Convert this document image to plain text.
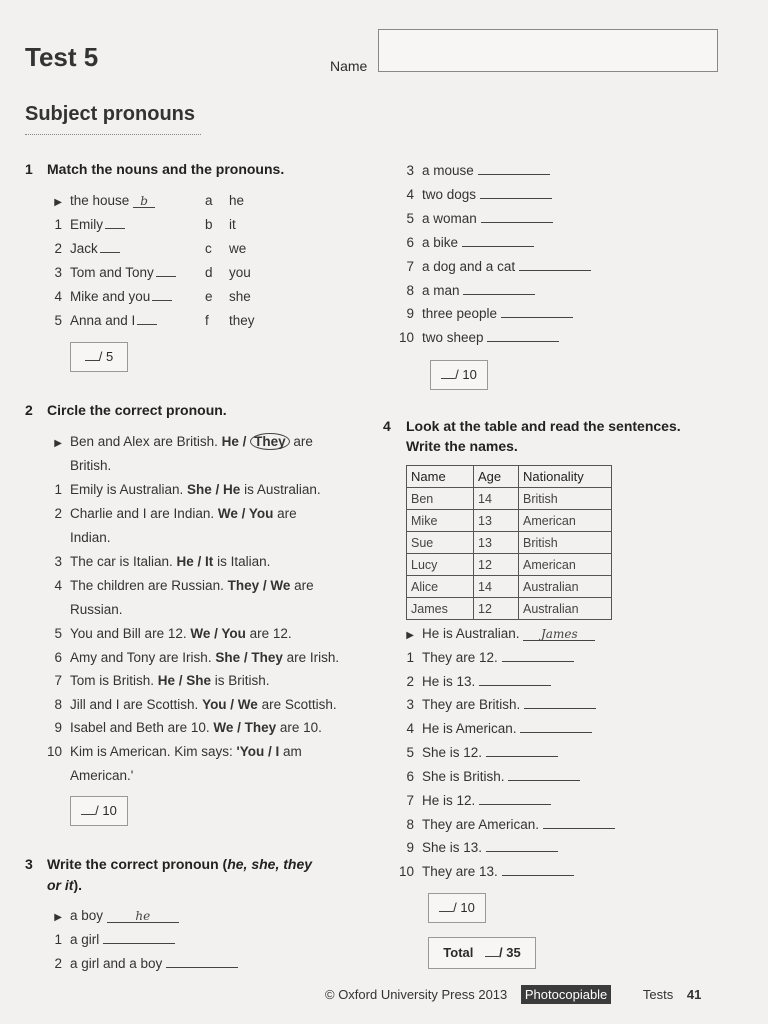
Test 5	Name
Subject pronouns
1 Match the nouns and the pronouns.
▶ the house b	a he
1 Emily	b it
2 Jack	c we
3 Tom and Tony	d you
4 Mike and you	e she
5 Anna and I	f they
/ 5
2 Circle the correct pronoun.
▶ Ben and Alex are British. He / They are
British.
1 Emily is Australian. She / He is Australian.
2 Charlie and I are Indian. We / You are
Indian.
3 The car is Italian. He / It is Italian.
4 The children are Russian. They / We are
Russian.
5 You and Bill are 12. We / You are 12.
6 Amy and Tony are Irish. She / They are Irish.
7 Tom is British. He / She is British.
8 Jill and I are Scottish. You / We are Scottish.
9 Isabel and Beth are 10. We / They are 10.
10 Kim is American. Kim says: 'You / I am
American.'
/ 10
3 Write the correct pronoun (he, she, they
or it).
▶ a boy	he
1 a girl
2 a girl and a boy
3 a mouse
4 two dogs
5 a woman
6 a bike
7 a dog and a cat
8 a man
9 three people
10 two sheep
/ 10
4 Look at the table and read the sentences.
Write the names.
Name	Age	Nationality
Ben	14	British
Mike	13	American
Sue	13	British
Lucy	12	American
Alice	14	Australian
James	12	Australian
▶ He is Australian. James
1 They are 12.
2 He is 13.
3 They are British.
4 He is American.
5 She is 12.
6 She is British.
7 He is 12.
8 They are American.
9 She is 13.
10 They are 13.
/ 10
Total / 35
© Oxford University Press 2013 Photocopiable	Tests 41
